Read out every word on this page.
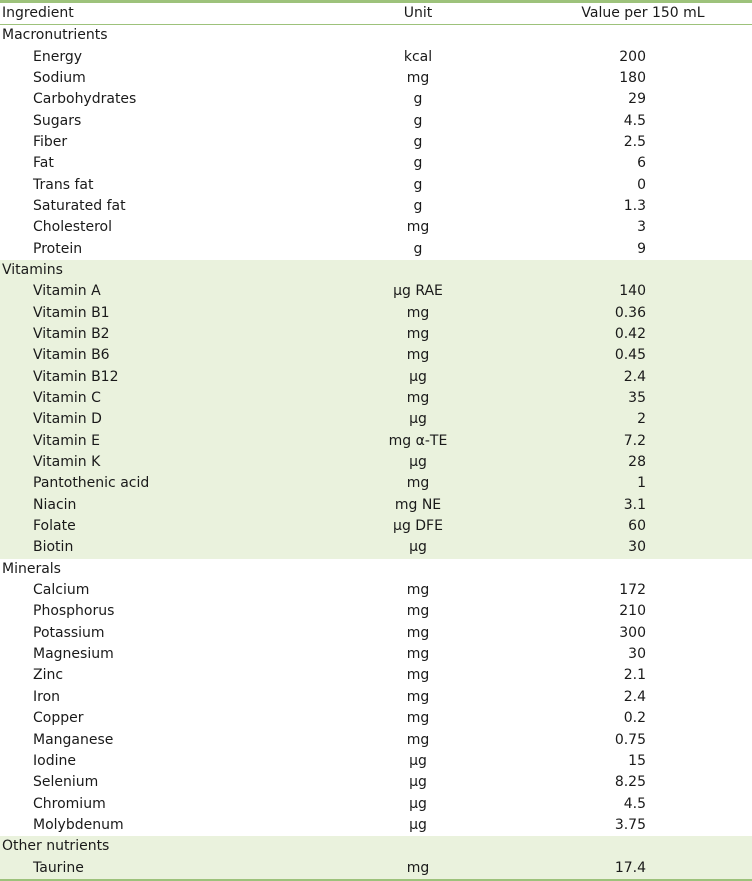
Ingredient	Unit	Value per 150 mL
Macronutrients
Energy	kcal	200
Sodium	mg	180
Carbohydrates	g	29
Sugars	g	4.5
Fiber	g	2.5
Fat	g	6
Trans fat	g	0
Saturated fat	g	1.3
Cholesterol	mg	3
Protein	g	9
Vitamins
Vitamin A	μg RAE	140
Vitamin B1	mg	0.36
Vitamin B2	mg	0.42
Vitamin B6	mg	0.45
Vitamin B12	μg	2.4
Vitamin C	mg	35
Vitamin D	μg	2
Vitamin E	mg α-TE	7.2
Vitamin K	μg	28
Pantothenic acid	mg	1
Niacin	mg NE	3.1
Folate	μg DFE	60
Biotin	μg	30
Minerals
Calcium	mg	172
Phosphorus	mg	210
Potassium	mg	300
Magnesium	mg	30
Zinc	mg	2.1
Iron	mg	2.4
Copper	mg	0.2
Manganese	mg	0.75
Iodine	μg	15
Selenium	μg	8.25
Chromium	μg	4.5
Molybdenum	μg	3.75
Other nutrients
Taurine	mg	17.4
